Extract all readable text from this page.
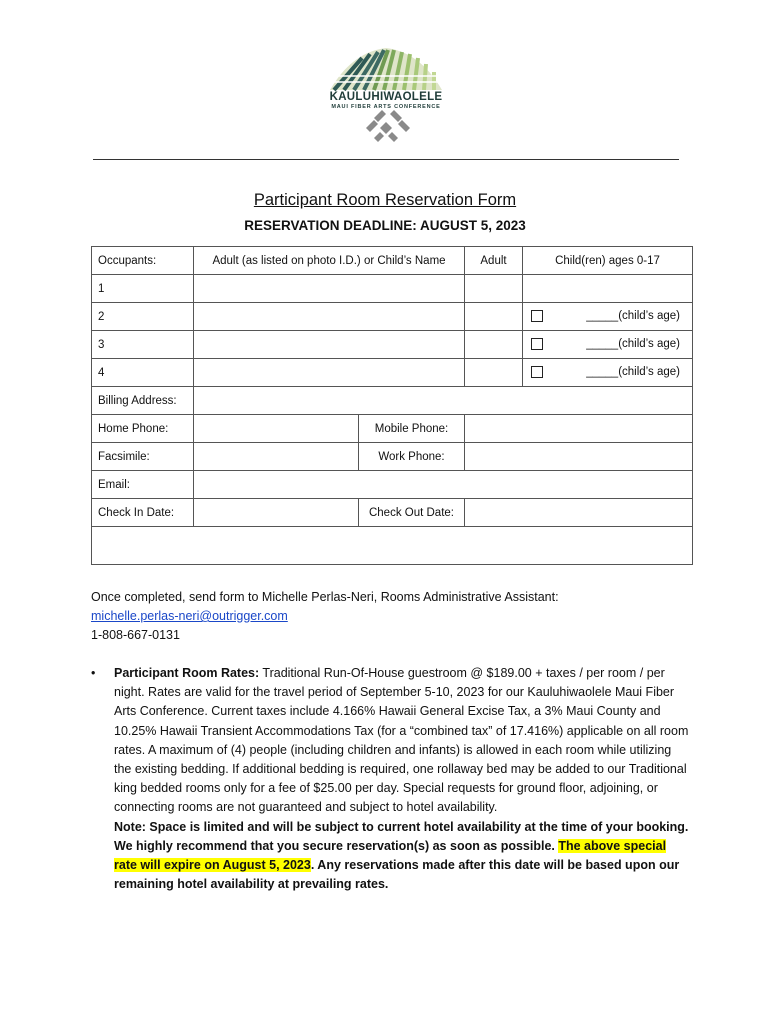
KAULUHIWAOLELE
MAUI FIBER ARTS CONFERENCE
Participant Room Reservation Form
RESERVATION DEADLINE: AUGUST 5, 2023
Occupants:	Adult (as listed on photo I.D.) or Child’s Name	Adult	Child(ren) ages 0-17
1			
2			_____(child’s age)

3			_____(child’s age)

4			_____(child’s age)

Billing Address:			
Home Phone:	Mobile Phone:		

Facsimile:	Work Phone:		

Email:			
Check In Date:	Check Out Date:		

Once completed, send form to Michelle Perlas-Neri, Rooms Administrative Assistant:
michelle.perlas-neri@outrigger.com
1-808-667-0131
• Participant Room Rates: Traditional Run-Of-House guestroom @ $189.00 + taxes / per room / per night. Rates are valid for the travel period of September 5-10, 2023 for our Kauluhiwaolele Maui Fiber Arts Conference. Current taxes include 4.166% Hawaii General Excise Tax, a 3% Maui County and 10.25% Hawaii Transient Accommodations Tax (for a “combined tax” of 17.416%) applicable on all room rates. A maximum of (4) people (including children and infants) is allowed in each room while utilizing the existing bedding. If additional bedding is required, one rollaway bed may be added to our Traditional king bedded rooms only for a fee of $25.00 per day. Special requests for ground floor, adjoining, or connecting rooms are not guaranteed and subject to hotel availability.
Note: Space is limited and will be subject to current hotel availability at the time of your booking. We highly recommend that you secure reservation(s) as soon as possible. The above special rate will expire on August 5, 2023. Any reservations made after this date will be based upon our remaining hotel availability at prevailing rates.
